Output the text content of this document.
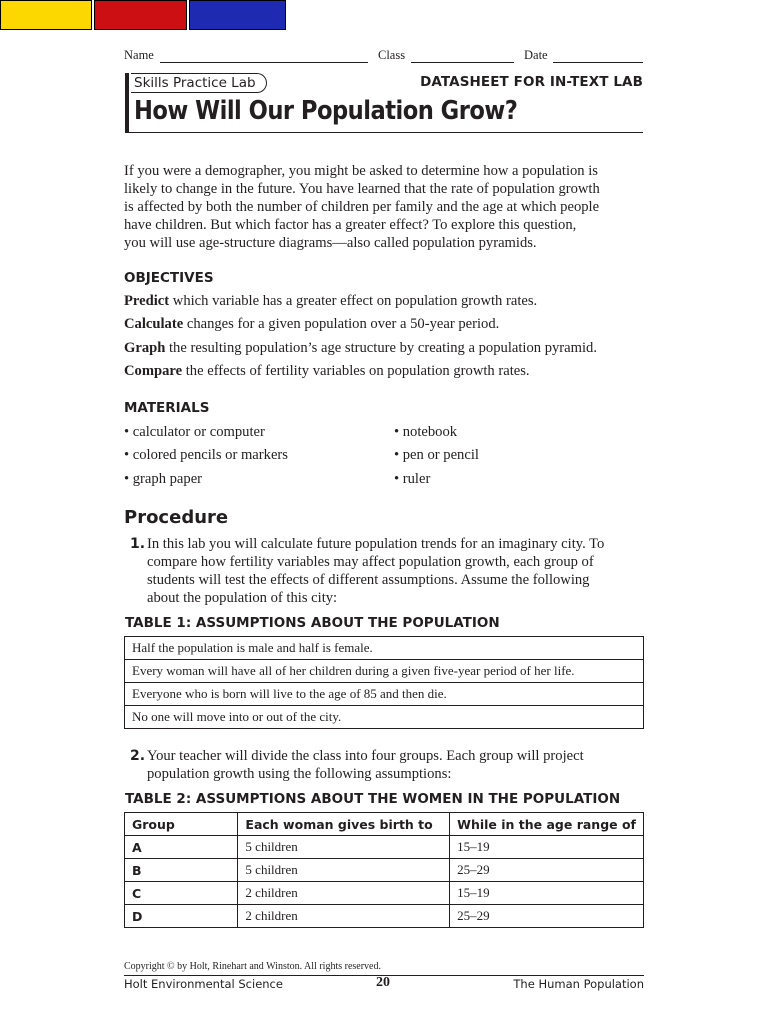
Name	Class	Date
Skills Practice Lab	DATASHEET FOR IN-TEXT LAB
How Will Our Population Grow?
If you were a demographer, you might be asked to determine how a population is
likely to change in the future. You have learned that the rate of population growth
is affected by both the number of children per family and the age at which people
have children. But which factor has a greater effect? To explore this question,
you will use age-structure diagrams—also called population pyramids.
OBJECTIVES
Predict which variable has a greater effect on population growth rates.
Calculate changes for a given population over a 50-year period.
Graph the resulting population’s age structure by creating a population pyramid.
Compare the effects of fertility variables on population growth rates.
MATERIALS
• calculator or computer
• colored pencils or markers
• graph paper
• notebook
• pen or pencil
• ruler
Procedure
1. In this lab you will calculate future population trends for an imaginary city. To
compare how fertility variables may affect population growth, each group of
students will test the effects of different assumptions. Assume the following
about the population of this city:
TABLE 1: ASSUMPTIONS ABOUT THE POPULATION
Half the population is male and half is female.
Every woman will have all of her children during a given five-year period of her life.
Everyone who is born will live to the age of 85 and then die.
No one will move into or out of the city.
2. Your teacher will divide the class into four groups. Each group will project
population growth using the following assumptions:
TABLE 2: ASSUMPTIONS ABOUT THE WOMEN IN THE POPULATION
Group	Each woman gives birth to	While in the age range of
A	5 children	15–19
B	5 children	25–29
C	2 children	15–19
D	2 children	25–29
Copyright © by Holt, Rinehart and Winston. All rights reserved.
Holt Environmental Science	20	The Human Population
